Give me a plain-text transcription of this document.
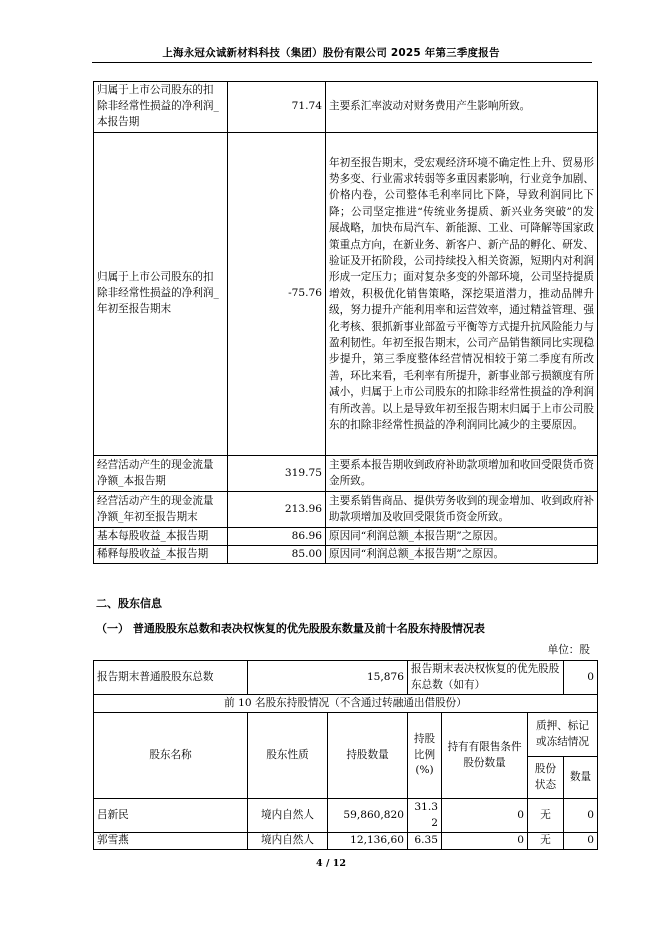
上海永冠众诚新材料科技（集团）股份有限公司 2025 年第三季度报告
归属于上市公司股东的扣除非经常性损益的净利润_本报告期	71.74	主要系汇率波动对财务费用产生影响所致。
归属于上市公司股东的扣除非经常性损益的净利润_年初至报告期末	-75.76	年初至报告期末，受宏观经济环境不确定性上升、贸易形势多变、行业需求转弱等多重因素影响，行业竞争加剧、价格内卷，公司整体毛利率同比下降，导致利润同比下降；公司坚定推进“传统业务提质、新兴业务突破”的发展战略，加快布局汽车、新能源、工业、可降解等国家政策重点方向，在新业务、新客户、新产品的孵化、研发、验证及开拓阶段，公司持续投入相关资源，短期内对利润形成一定压力；面对复杂多变的外部环境，公司坚持提质增效，积极优化销售策略，深挖渠道潜力，推动品牌升级，努力提升产能利用率和运营效率，通过精益管理、强化考核、狠抓新事业部盈亏平衡等方式提升抗风险能力与盈利韧性。年初至报告期末，公司产品销售额同比实现稳步提升，第三季度整体经营情况相较于第二季度有所改善，环比来看，毛利率有所提升，新事业部亏损额度有所减小，归属于上市公司股东的扣除非经常性损益的净利润有所改善。以上是导致年初至报告期末归属于上市公司股东的扣除非经常性损益的净利润同比减少的主要原因。
经营活动产生的现金流量净额_本报告期	319.75	主要系本报告期收到政府补助款项增加和收回受限货币资金所致。
经营活动产生的现金流量净额_年初至报告期末	213.96	主要系销售商品、提供劳务收到的现金增加、收到政府补助款项增加及收回受限货币资金所致。
基本每股收益_本报告期	86.96	原因同“利润总额_本报告期”之原因。
稀释每股收益_本报告期	85.00	原因同“利润总额_本报告期”之原因。
二、股东信息
（一） 普通股股东总数和表决权恢复的优先股股东数量及前十名股东持股情况表
单位：股
报告期末普通股股东总数	15,876		报告期末表决权恢复的优先股股东总数（如有）			0
前 10 名股东持股情况（不含通过转融通出借股份）						
股东名称	股东性质	持股数量	持股比例(%)	持有有限售条件股份数量	质押、标记或冻结情况	
					股份状态	数量
吕新民	境内自然人	59,860,820	31.32	0	无	0
郭雪燕	境内自然人	12,136,60	6.35	0	无	0
4 / 12
